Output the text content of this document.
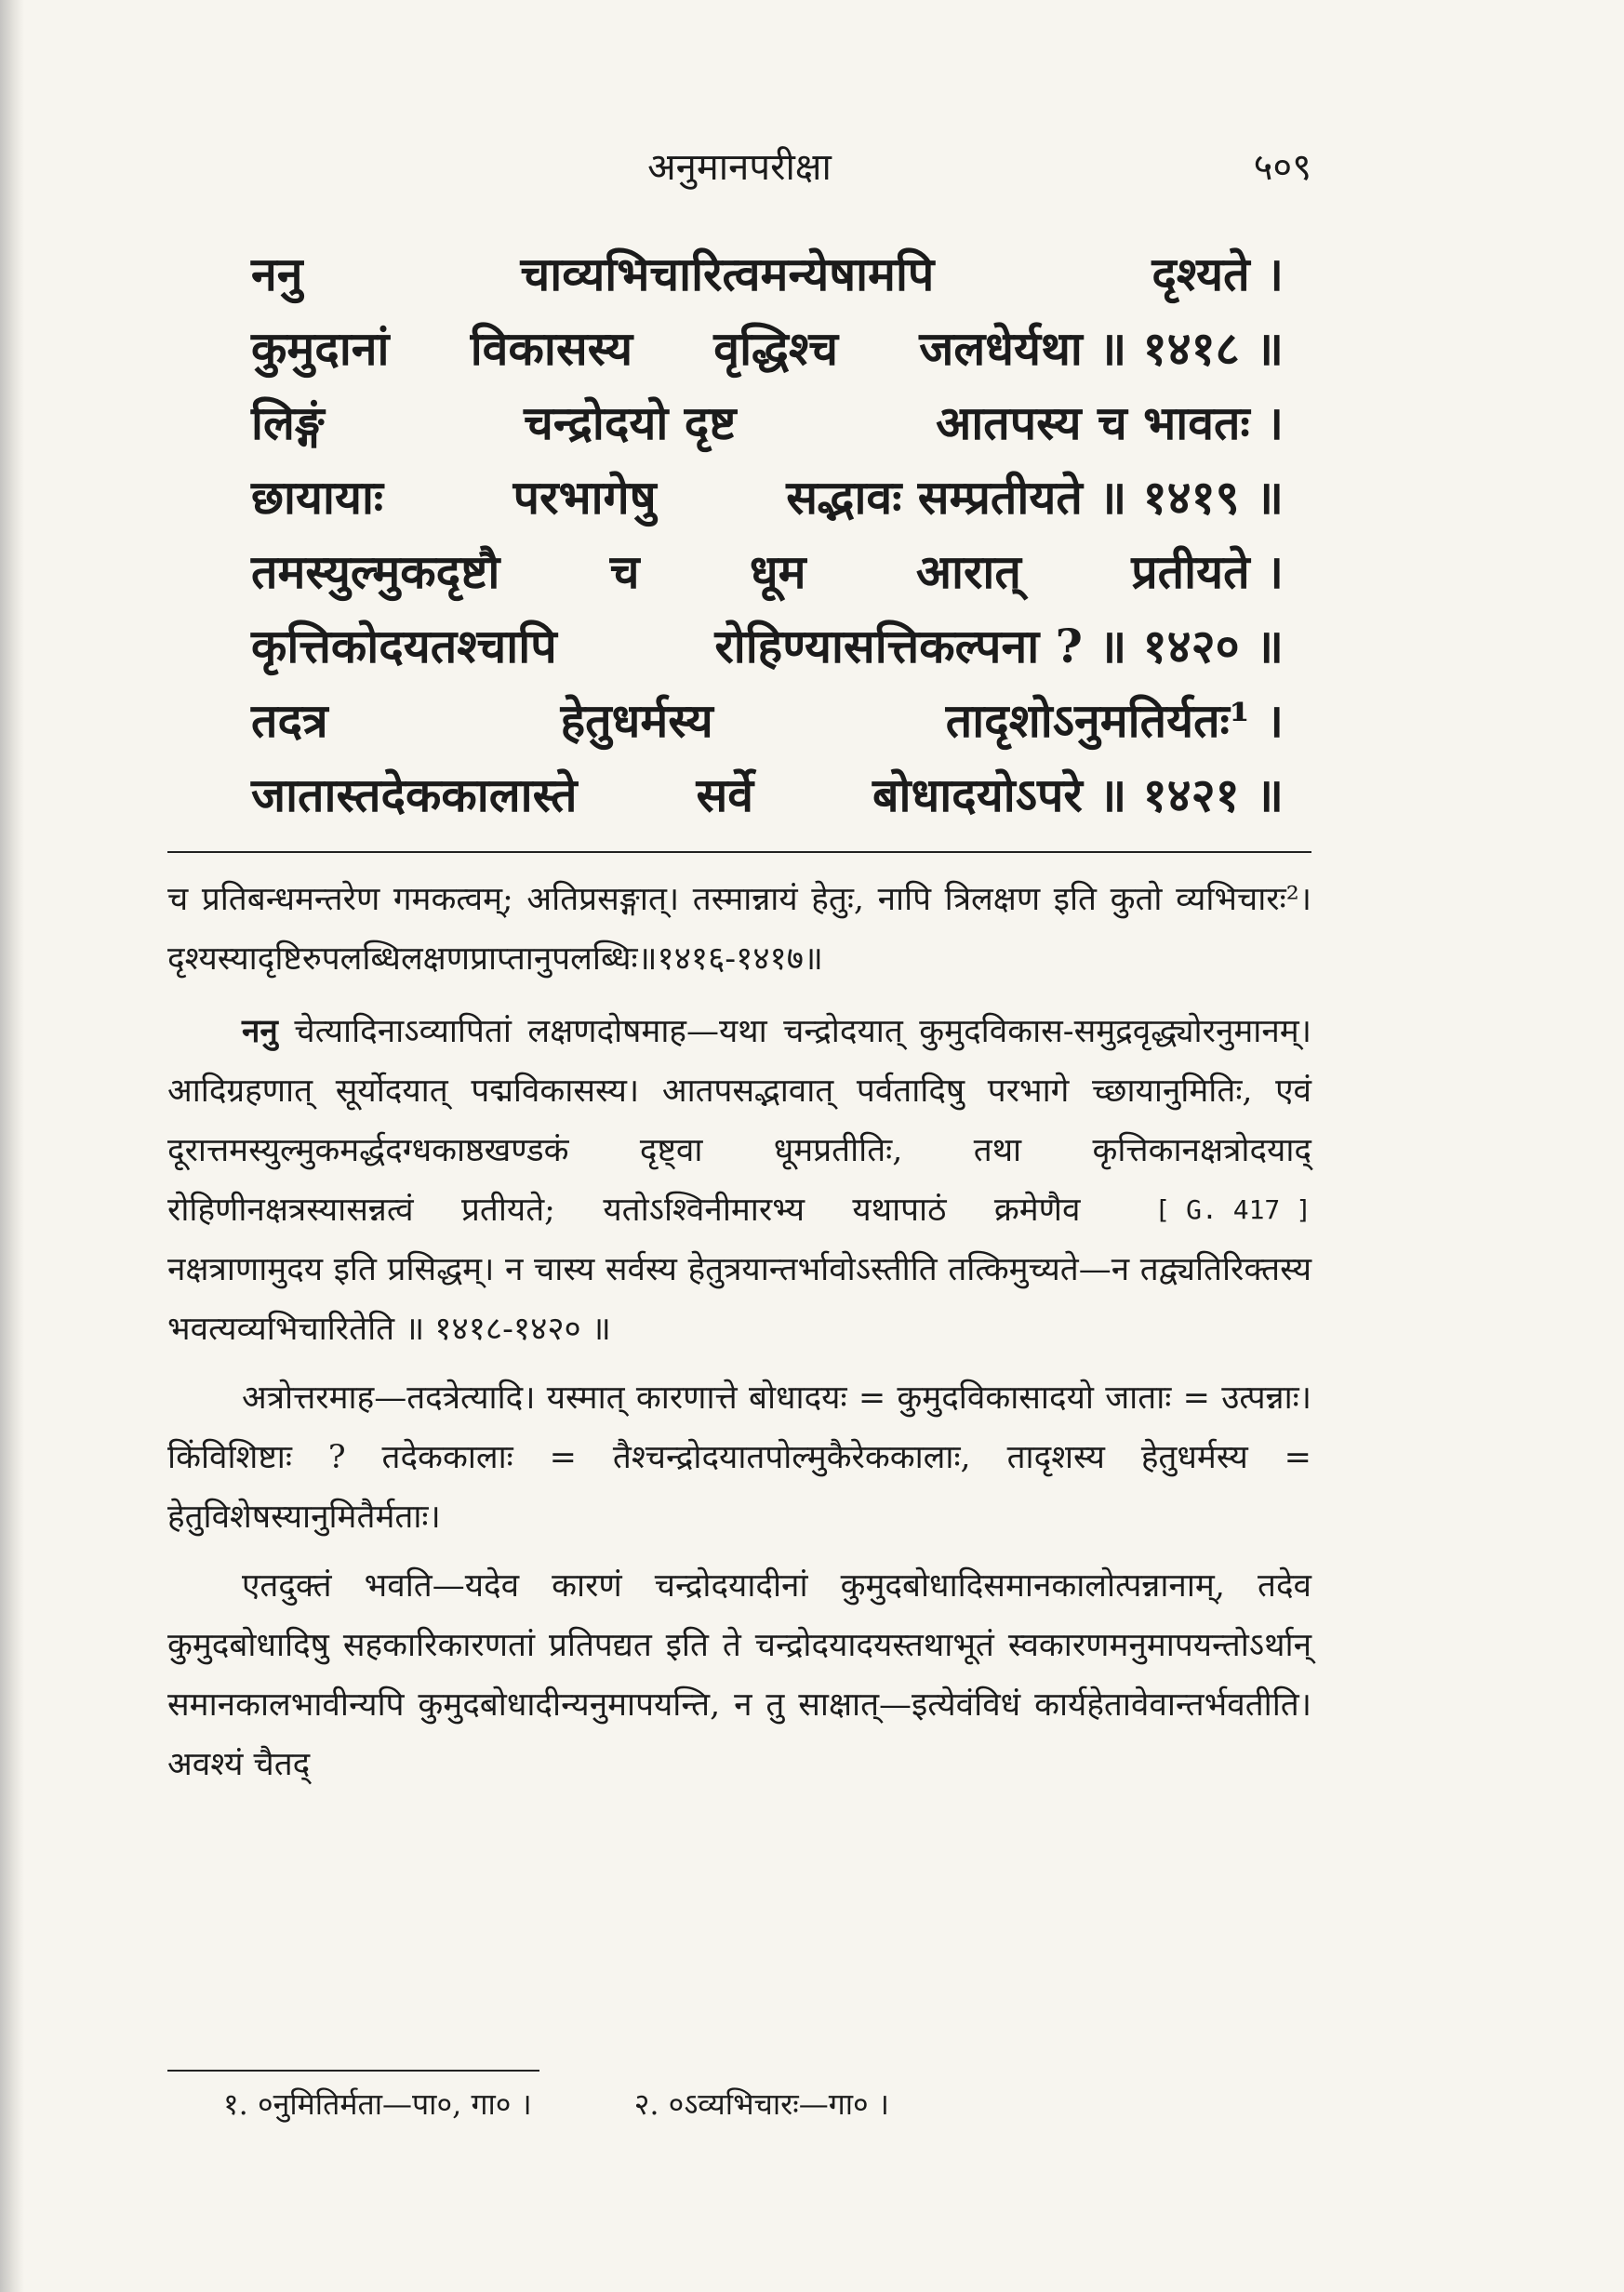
अनुमानपरीक्षा	५०९
ननु	चाव्यभिचारित्वमन्येषामपि	दृश्यते ।
कुमुदानां विकासस्य वृद्धिश्च जलधेर्यथा ॥ १४१८ ॥
लिङ्गं	चन्द्रोदयो दृष्ट	आतपस्य च भावतः ।
छायायाः	परभागेषु	सद्भावः सम्प्रतीयते ॥ १४१९ ॥
तमस्युल्मुकदृष्टौ च धूम आरात् प्रतीयते ।
कृत्तिकोदयतश्चापि	रोहिण्यासत्तिकल्पना ? ॥ १४२० ॥
तदत्र	हेतुधर्मस्य	तादृशोऽनुमतिर्यतः¹ ।
जातास्तदेककालास्ते	सर्वे	बोधादयोऽपरे ॥ १४२१ ॥

च प्रतिबन्धमन्तरेण गमकत्वम्; अतिप्रसङ्गात्। तस्मान्नायं हेतुः, नापि त्रिलक्षण इति कुतो व्यभिचारः²। दृश्यस्यादृष्टिरुपलब्धिलक्षणप्राप्तानुपलब्धिः॥१४१६-१४१७॥

ननु चेत्यादिनाऽव्यापितां लक्षणदोषमाह—यथा चन्द्रोदयात् कुमुदविकास-समुद्रवृद्ध्योरनुमानम्। आदिग्रहणात् सूर्योदयात् पद्मविकासस्य। आतपसद्भावात् पर्वतादिषु परभागे च्छायानुमितिः, एवं दूरात्तमस्युल्मुकमर्द्धदग्धकाष्ठखण्डकं दृष्ट्वा धूमप्रतीतिः, तथा कृत्तिकानक्षत्रोदयाद् रोहिणीनक्षत्रस्यासन्नत्वं	[ G. 417 ]
प्रतीयते; यतोऽश्विनीमारभ्य यथापाठं क्रमेणैव नक्षत्राणामुदय इति प्रसिद्धम्। न चास्य सर्वस्य हेतुत्रयान्तर्भावोऽस्तीति तत्किमुच्यते—न तद्व्यतिरिक्तस्य भवत्यव्यभिचारितेति ॥ १४१८-१४२० ॥

अत्रोत्तरमाह—तदत्रेत्यादि। यस्मात् कारणात्ते बोधादयः = कुमुदविकासादयो जाताः = उत्पन्नाः। किंविशिष्टाः ? तदेककालाः = तैश्चन्द्रोदयातपोल्मुकैरेककालाः, तादृशस्य हेतुधर्मस्य = हेतुविशेषस्यानुमितैर्मताः।

एतदुक्तं भवति—यदेव कारणं चन्द्रोदयादीनां कुमुदबोधादिसमानकालोत्पन्नानाम्, तदेव कुमुदबोधादिषु सहकारिकारणतां प्रतिपद्यत इति ते चन्द्रोदयादयस्तथाभूतं स्वकारणमनुमापयन्तोऽर्थान् समानकालभावीन्यपि कुमुदबोधादीन्यनुमापयन्ति, न तु साक्षात्—इत्येवंविधं कार्यहेतावेवान्तर्भवतीति। अवश्यं चैतद्

१. ०नुमितिर्मता—पा०, गा० ।	२. ०ऽव्यभिचारः—गा० ।
